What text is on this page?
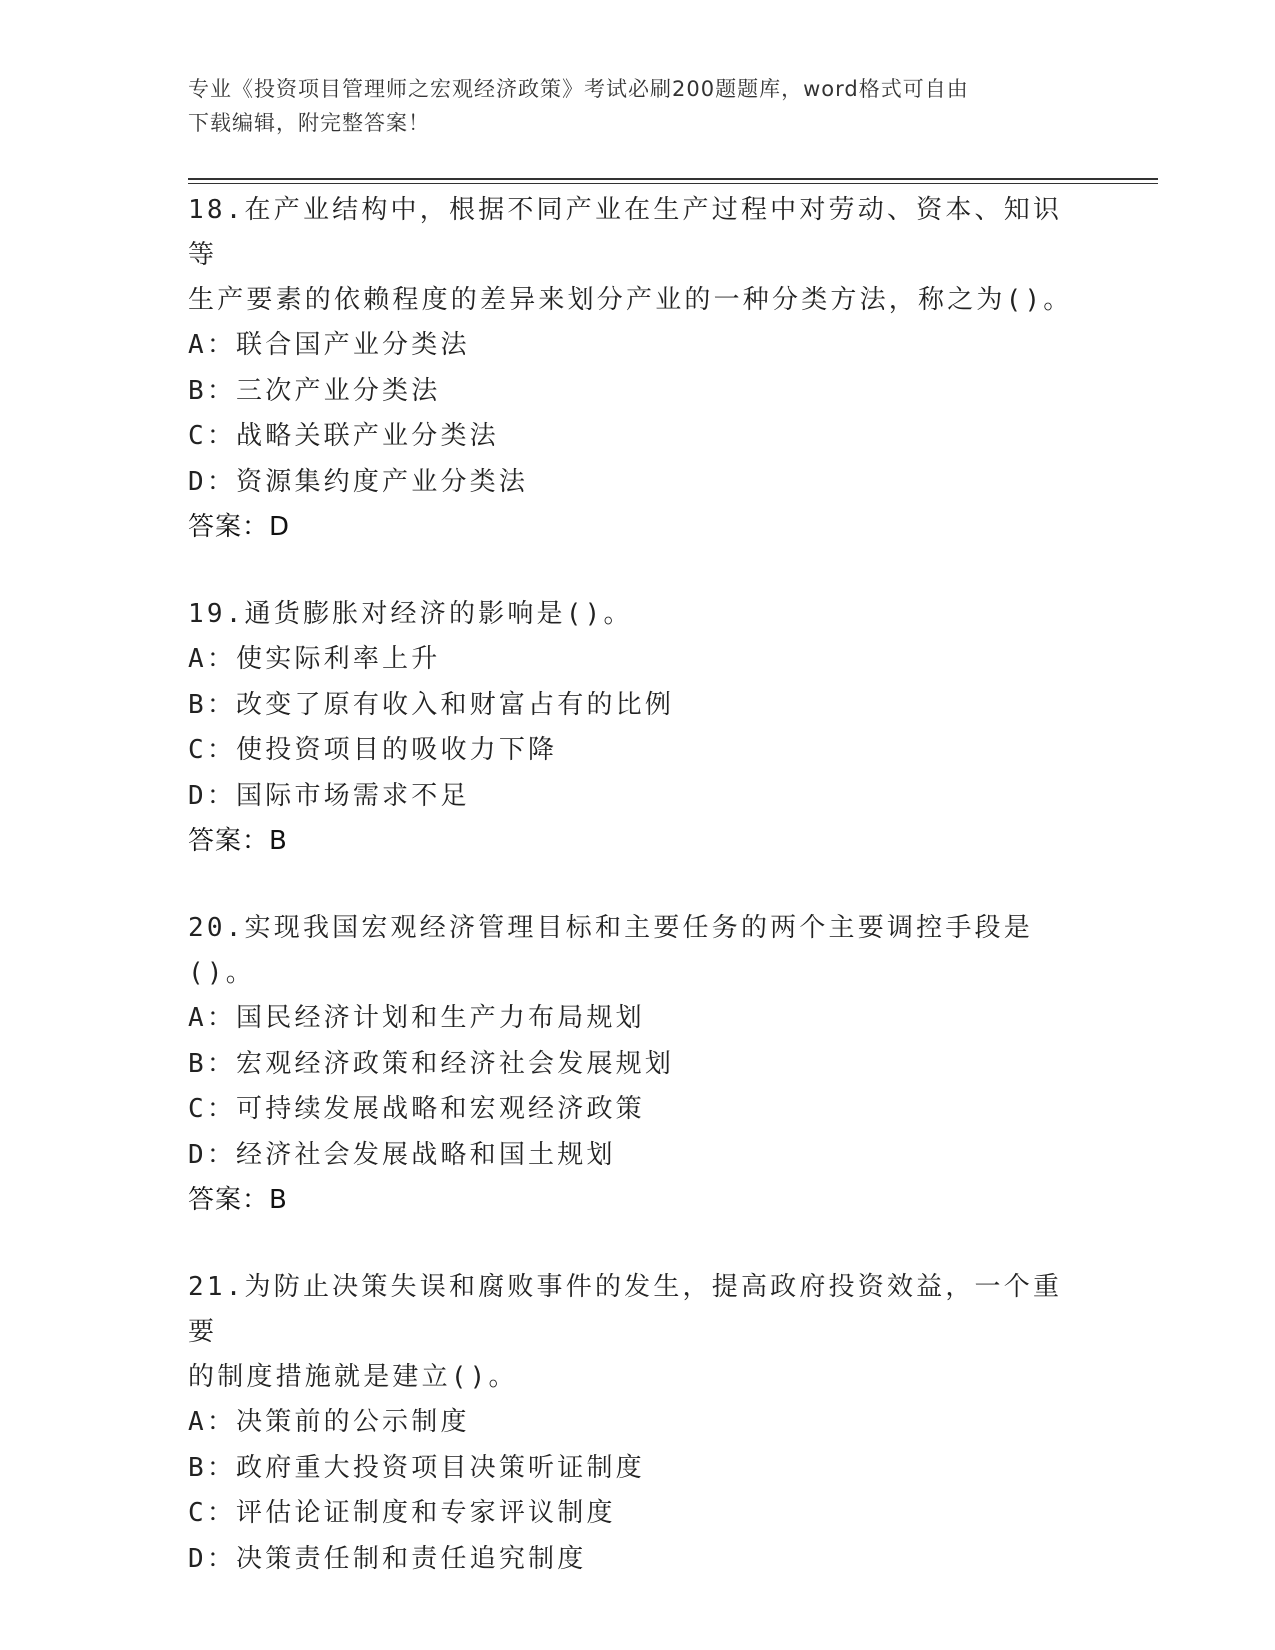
专业《投资项目管理师之宏观经济政策》考试必刷200题题库，word格式可自由
下载编辑，附完整答案！
18.在产业结构中，根据不同产业在生产过程中对劳动、资本、知识等
生产要素的依赖程度的差异来划分产业的一种分类方法，称之为()。
A：联合国产业分类法
B：三次产业分类法
C：战略关联产业分类法
D：资源集约度产业分类法
答案：D
19.通货膨胀对经济的影响是()。
A：使实际利率上升
B：改变了原有收入和财富占有的比例
C：使投资项目的吸收力下降
D：国际市场需求不足
答案：B
20.实现我国宏观经济管理目标和主要任务的两个主要调控手段是()。
A：国民经济计划和生产力布局规划
B：宏观经济政策和经济社会发展规划
C：可持续发展战略和宏观经济政策
D：经济社会发展战略和国土规划
答案：B
21.为防止决策失误和腐败事件的发生，提高政府投资效益，一个重要
的制度措施就是建立()。
A：决策前的公示制度
B：政府重大投资项目决策听证制度
C：评估论证制度和专家评议制度
D：决策责任制和责任追究制度
